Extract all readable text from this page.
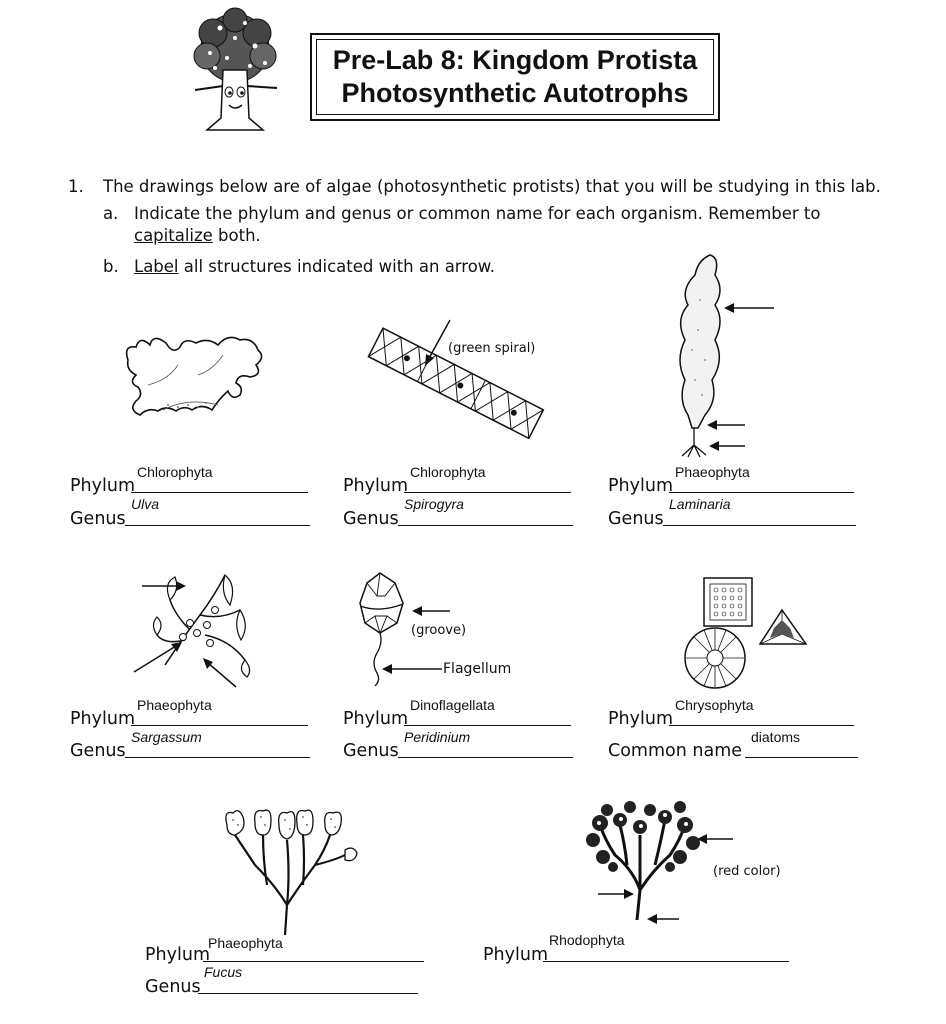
Pre-Lab 8: Kingdom Protista
Photosynthetic Autotrophs
1. The drawings below are of algae (photosynthetic protists) that you will be studying in this lab.
a. Indicate the phylum and genus or common name for each organism. Remember to
capitalize both.
b. Label all structures indicated with an arrow.
(green spiral)
(groove)
Flagellum
(red color)
Phylum
Chlorophyta
Genus
Ulva
Phylum
Chlorophyta
Genus
Spirogyra
Phylum
Phaeophyta
Genus
Laminaria
Phylum
Phaeophyta
Genus
Sargassum
Phylum
Dinoflagellata
Genus
Peridinium
Phylum
Chrysophyta
Common name
diatoms
Phylum
Phaeophyta
Genus
Fucus
Phylum
Rhodophyta
